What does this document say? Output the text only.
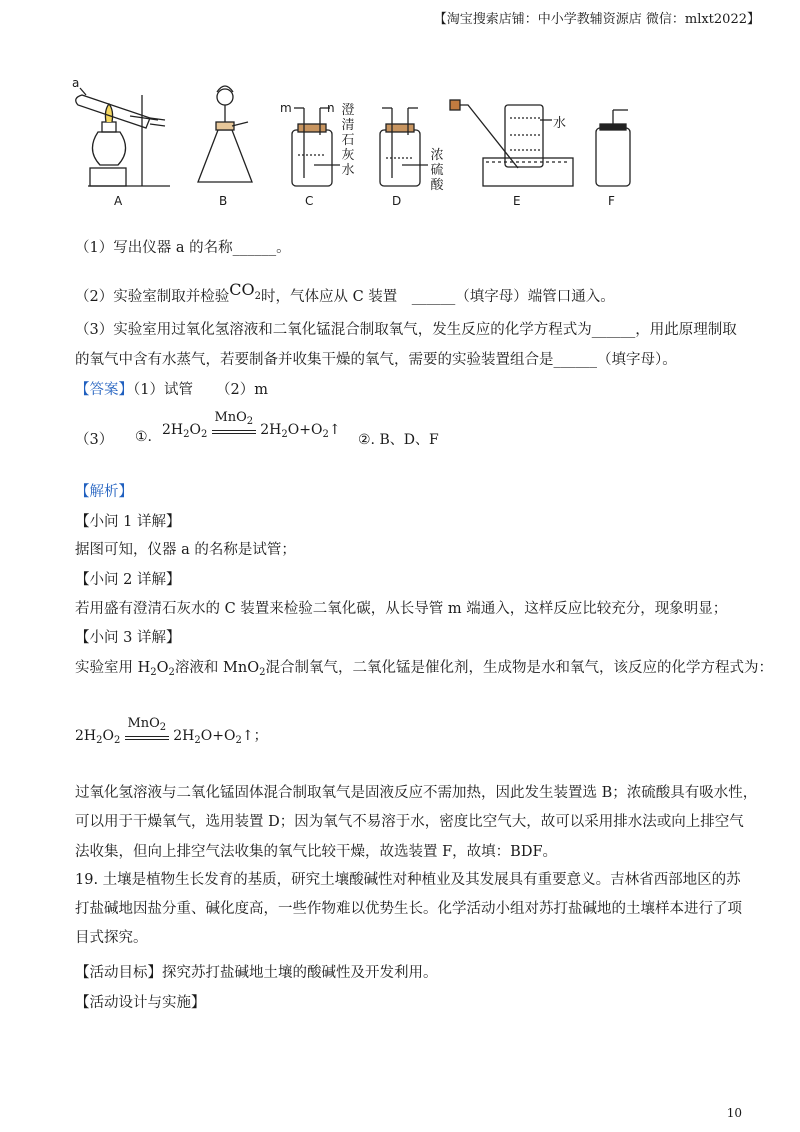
【淘宝搜索店铺：中小学教辅资源店 微信：mlxt2022】
a
m	n 澄
清
石
灰
水
浓
硫
酸
水
A	B	C	D	E	F
（1）写出仪器 a 的名称______。
（2）实验室制取并检验$CO^2$时，气体应从 C 装置　______（填字母）端管口通入。
（3）实验室用过氧化氢溶液和二氧化锰混合制取氧气，发生反应的化学方程式为______，用此原理制取
的氧气中含有水蒸气，若要制备并收集干燥的氧气，需要的实验装置组合是______（填字母）。
【答案】（1）试管 （2）m
（3） ①. $2H_2O_2$
MnO$_2$
$2H_2O+O_2↑$
②. B、D、F
【解析】
【小问 1 详解】
据图可知，仪器 a 的名称是试管；
【小问 2 详解】
若用盛有澄清石灰水的 C 装置来检验二氧化碳，从长导管 m 端通入，这样反应比较充分，现象明显；
【小问 3 详解】
实验室用 $H_2O_2$溶液和 MnO$_2$混合制氧气，二氧化锰是催化剂，生成物是水和氧气，该反应的化学方程式为：
$2H_2O_2$
MnO$_2$
$2H_2O+O_2↑$；
过氧化氢溶液与二氧化锰固体混合制取氧气是固液反应不需加热，因此发生装置选 B；浓硫酸具有吸水性，
可以用于干燥氧气，选用装置 D；因为氧气不易溶于水，密度比空气大，故可以采用排水法或向上排空气
法收集，但向上排空气法收集的氧气比较干燥，故选装置 F，故填：BDF。
19. 土壤是植物生长发育的基质，研究土壤酸碱性对种植业及其发展具有重要意义。吉林省西部地区的苏
打盐碱地因盐分重、碱化度高，一些作物难以优势生长。化学活动小组对苏打盐碱地的土壤样本进行了项
目式探究。
【活动目标】探究苏打盐碱地土壤的酸碱性及开发利用。
【活动设计与实施】
10
